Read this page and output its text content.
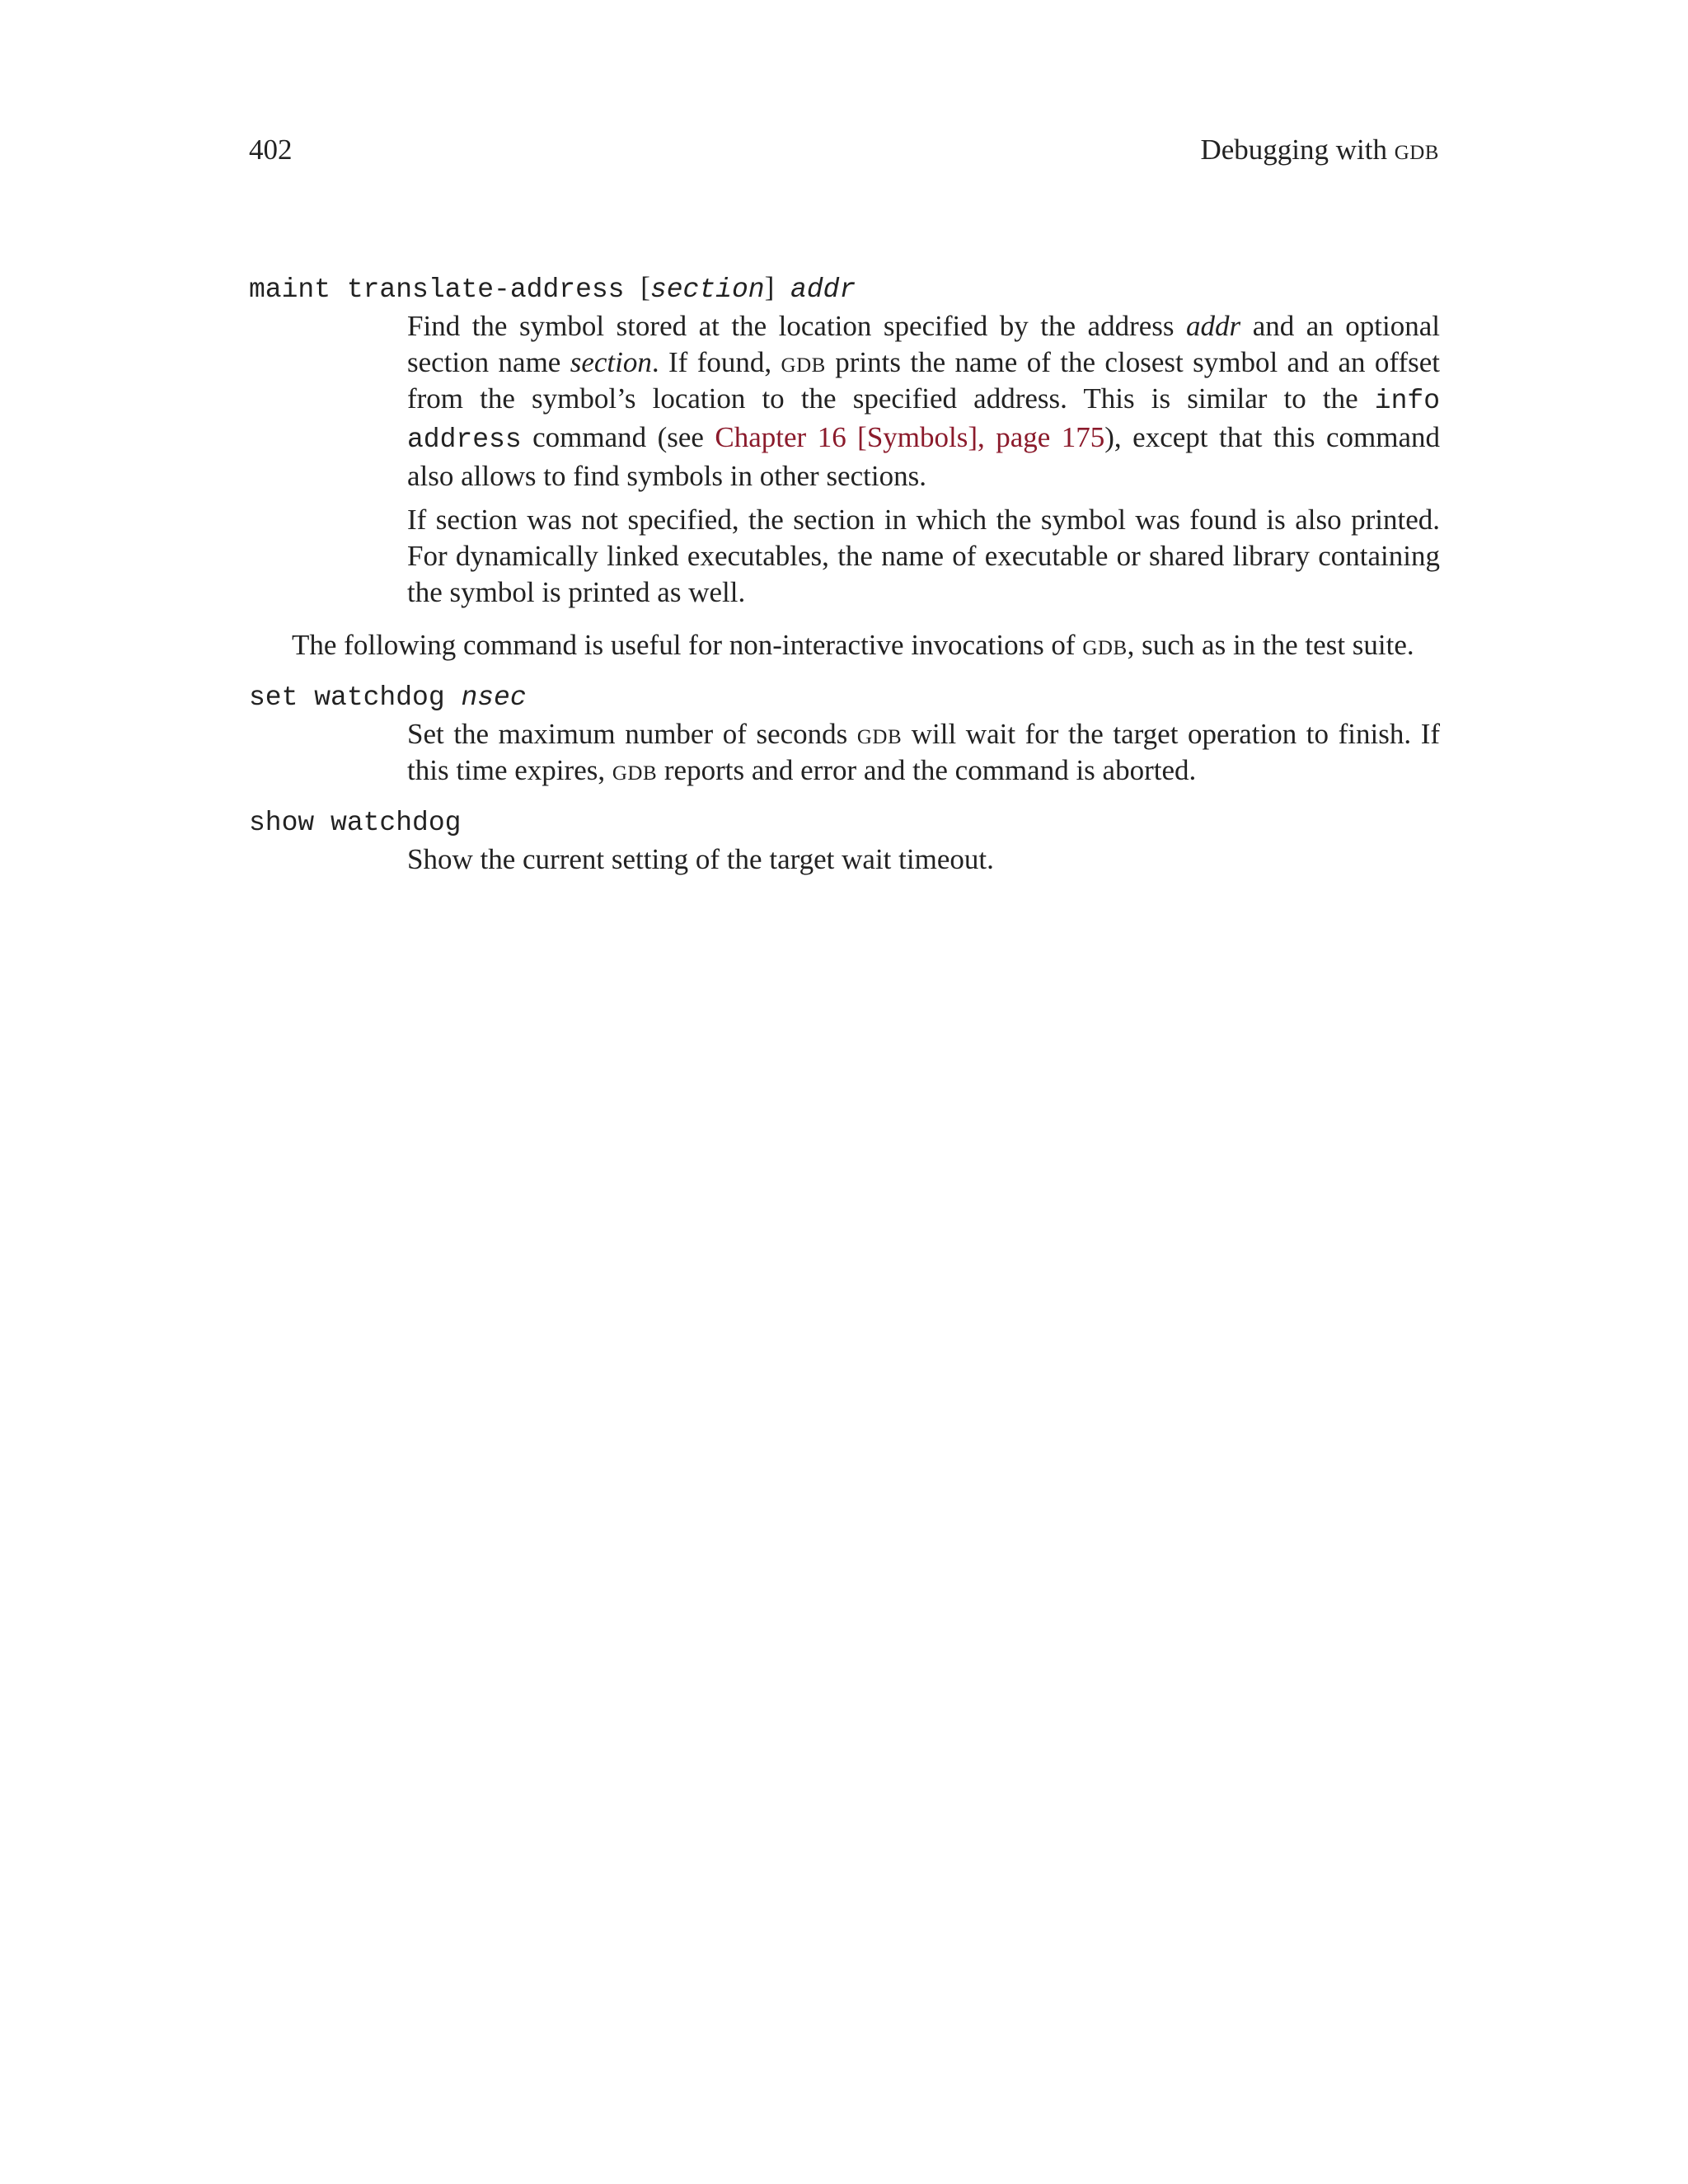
402	Debugging with gdb
maint translate-address [section] addr

Find the symbol stored at the location specified by the address addr and an optional section name section. If found, gdb prints the name of the closest symbol and an offset from the symbol’s location to the specified address. This is similar to the info address command (see Chapter 16 [Symbols], page 175), except that this command also allows to find symbols in other sections.

If section was not specified, the section in which the symbol was found is also printed. For dynamically linked executables, the name of executable or shared library containing the symbol is printed as well.

The following command is useful for non-interactive invocations of gdb, such as in the test suite.

set watchdog nsec

Set the maximum number of seconds gdb will wait for the target operation to finish. If this time expires, gdb reports and error and the command is aborted.

show watchdog

Show the current setting of the target wait timeout.
